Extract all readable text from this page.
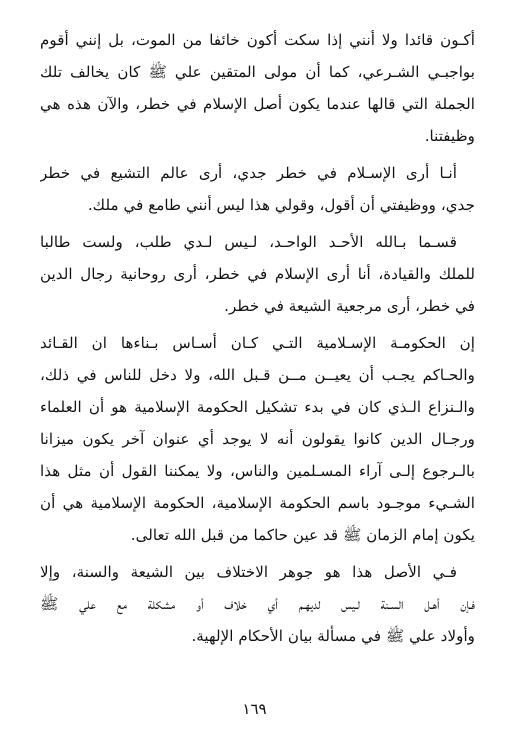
أكـون قائدا ولا أنني إذا سكت أكون خائفا من الموت، بل إنني أقوم
بواجبـي الشـرعي، كما أن مولى المتقين علي ﷺ كان يخالف تلك
الجملة التي قالها عندما يكون أصل الإسلام في خطر، والآن هذه هي
وظيفتنا.
أنـا أرى الإسـلام في خطر جدي، أرى عالم التشيع في خطر
جدي، ووظيفتي أن أقول، وقولي هذا ليس أنني طامع في ملك.
قسـما بـالله الأحـد الواحـد، لـيس لـدي طلب، ولست طالبا
للملك والقيادة، أنا أرى الإسلام في خطر، أرى روحانية رجال الدين
في خطر، أرى مرجعية الشيعة في خطر.
إن الحكومـة الإسـلامية التـي كـان أسـاس بـناءها ان القـائد
والحـاكم يجـب أن يعيــن مــن قـبل الله، ولا دخل للناس في ذلك،
والـنزاع الـذي كان في بدء تشكيل الحكومة الإسلامية هو أن العلماء
ورجـال الدين كانوا يقولون أنه لا يوجد أي عنوان آخر يكون ميزانا
بالـرجوع إلـى آراء المسـلمين والناس، ولا يمكننا القول أن مثل هذا
الشـيء موجـود باسم الحكومة الإسلامية، الحكومة الإسلامية هي أن
يكون إمام الزمان ﷺ قد عين حاكما من قبل الله تعالى.
فـي الأصل هذا هو جوهر الاختلاف بين الشيعة والسنة، وإلا
فـإن أهـل السـنة لـيس لديهـم أي خلاف أو مشكلة مع علي ﷺ
وأولاد علي ﷺ في مسألة بيان الأحكام الإلهية.
١٦٩
